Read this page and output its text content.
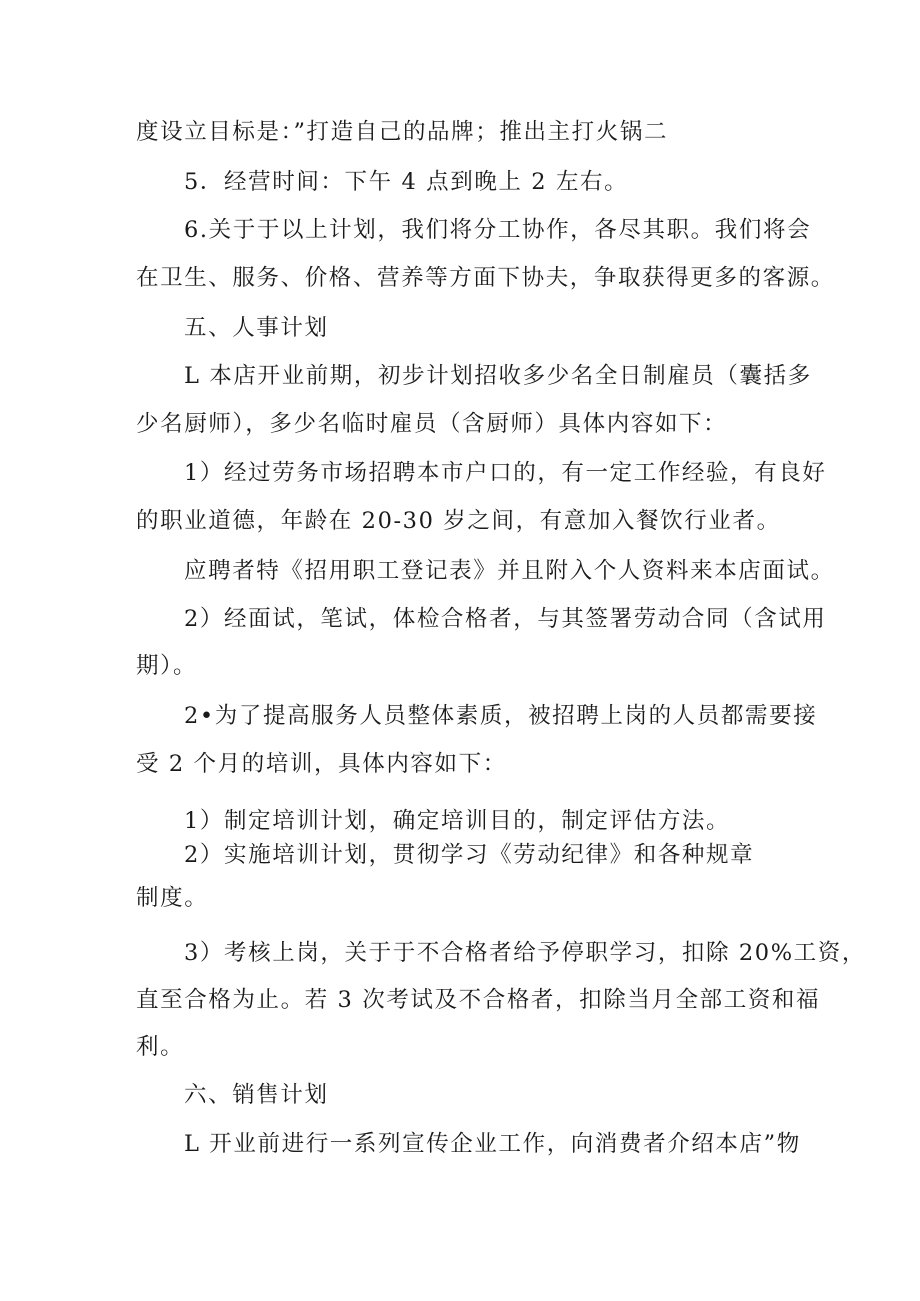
度设立目标是：”打造自己的品牌；推出主打火锅二
5．经营时间：下午 4 点到晚上 2 左右。
6.关于于以上计划，我们将分工协作，各尽其职。我们将会
在卫生、服务、价格、营养等方面下协夫，争取获得更多的客源。
五、人事计划
L 本店开业前期，初步计划招收多少名全日制雇员（囊括多
少名厨师），多少名临时雇员（含厨师）具体内容如下：
1）经过劳务市场招聘本市户口的，有一定工作经验，有良好
的职业道德，年龄在 20-30 岁之间，有意加入餐饮行业者。
应聘者特《招用职工登记表》并且附入个人资料来本店面试。
2）经面试，笔试，体检合格者，与其签署劳动合同（含试用
期）。
2•为了提高服务人员整体素质，被招聘上岗的人员都需要接
受 2 个月的培训，具体内容如下：
1）制定培训计划，确定培训目的，制定评估方法。
2）实施培训计划，贯彻学习《劳动纪律》和各种规章
制度。
3）考核上岗，关于于不合格者给予停职学习，扣除 20%工资，
直至合格为止。若 3 次考试及不合格者，扣除当月全部工资和福
利。
六、销售计划
L 开业前进行一系列宣传企业工作，向消费者介绍本店”物
